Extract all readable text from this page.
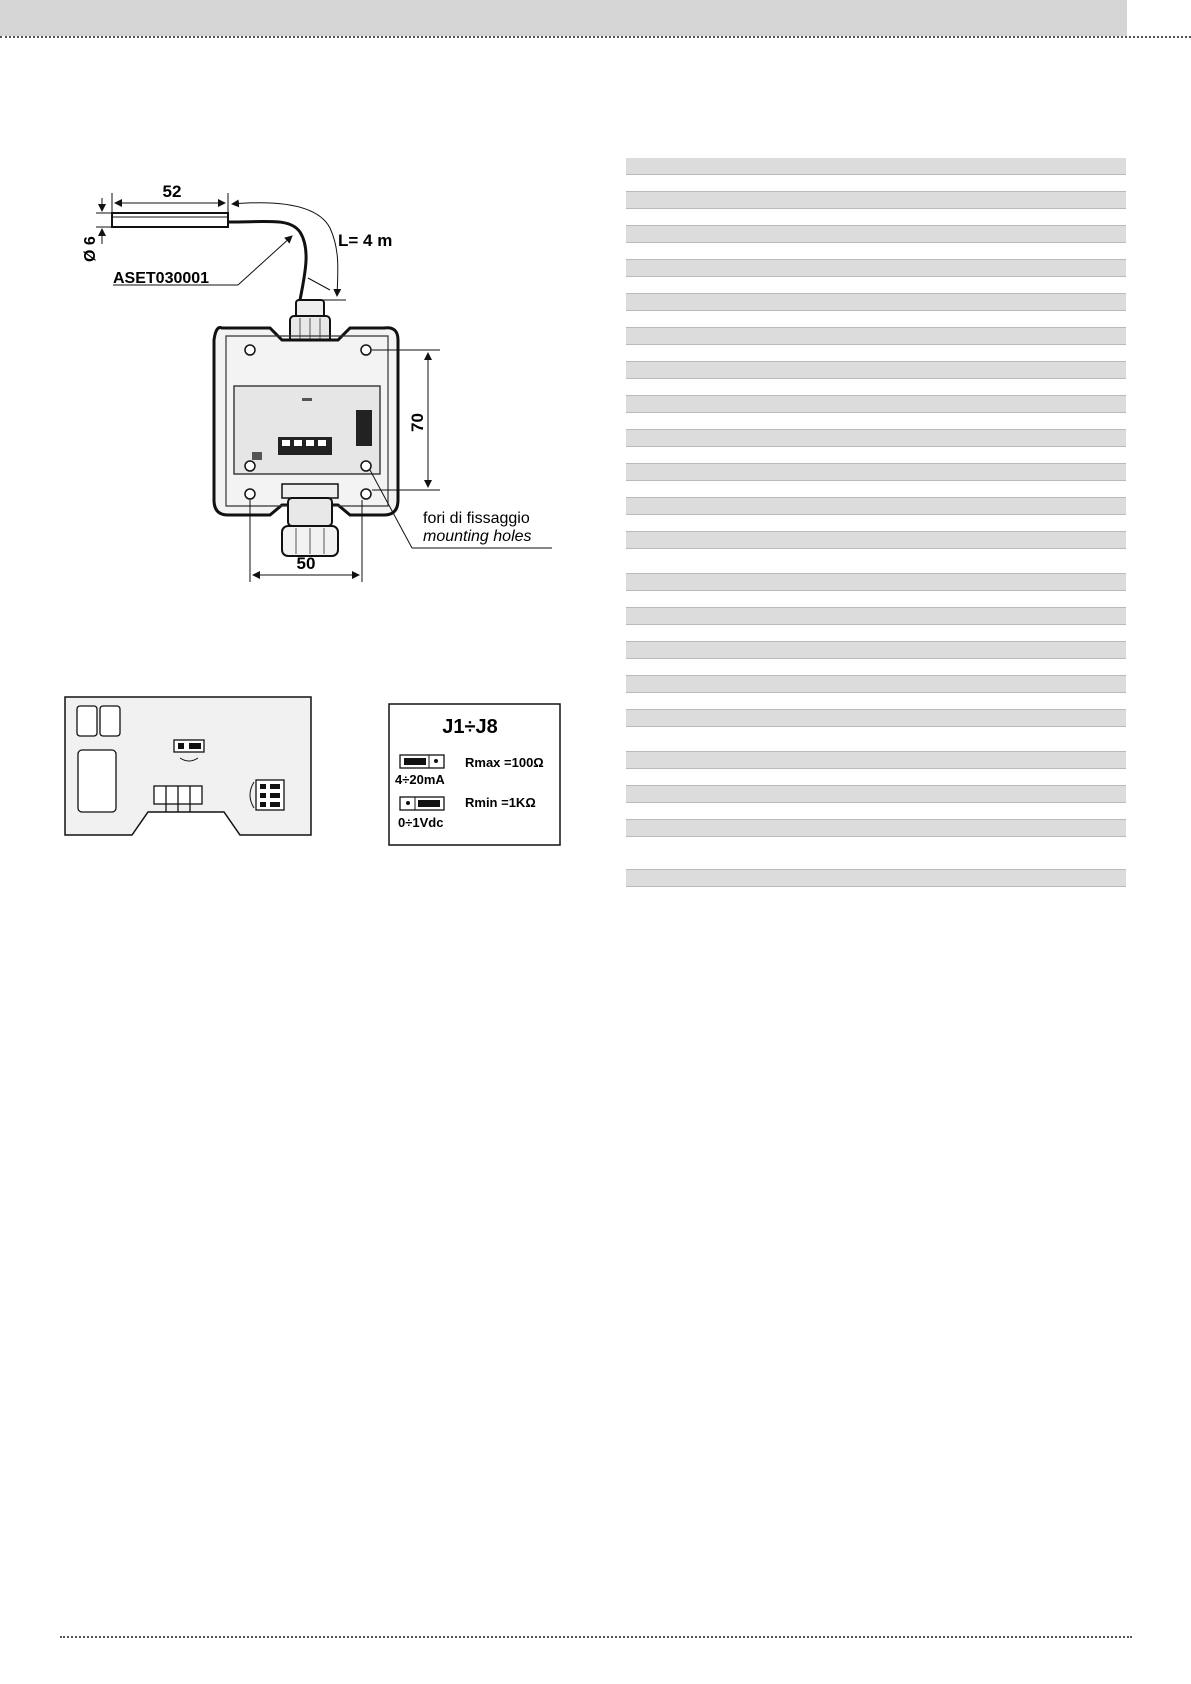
52
Ø 6	L= 4 m
ASET030001
70
50
fori di fissaggio
mounting holes
J1÷J8
4÷20mA
Rmax =100Ω
0÷1Vdc
Rmin =1KΩ
